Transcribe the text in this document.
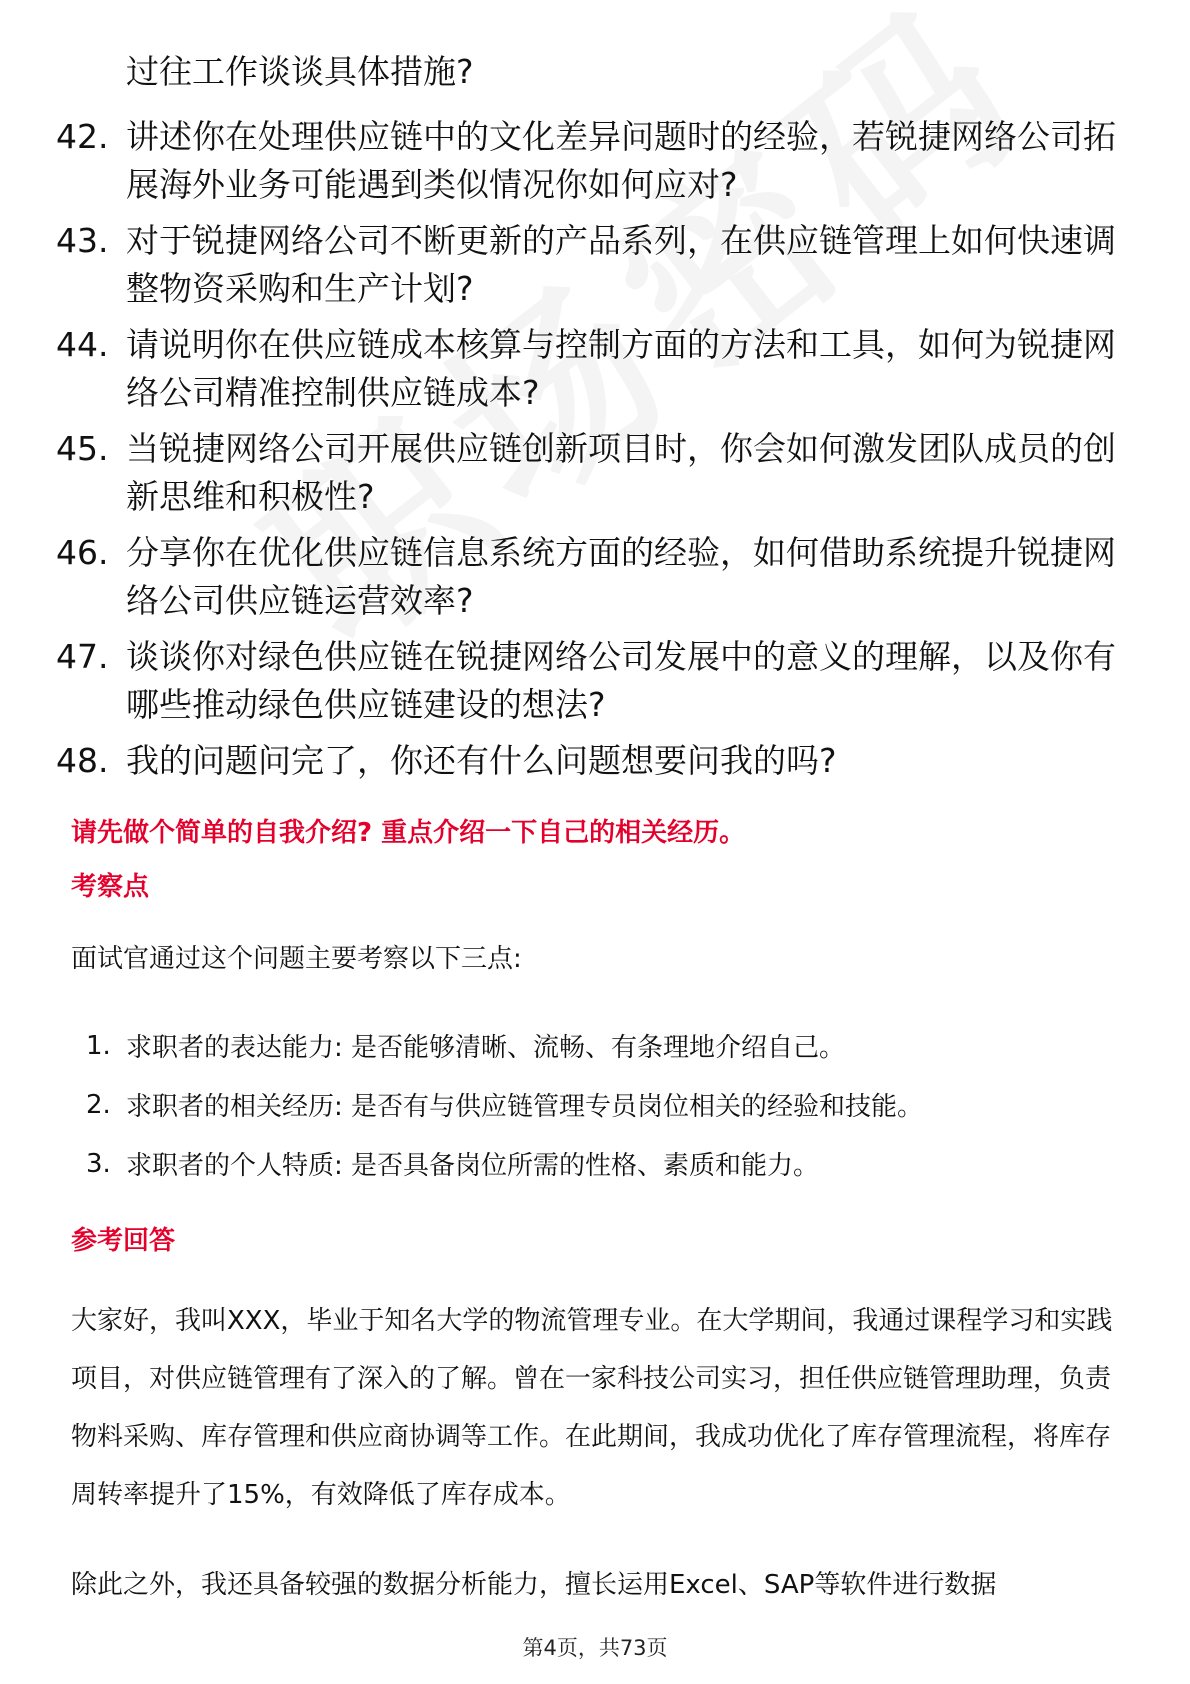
过往工作谈谈具体措施?
42. 讲述你在处理供应链中的文化差异问题时的经验，若锐捷网络公司拓展海外业务可能遇到类似情况你如何应对?
43. 对于锐捷网络公司不断更新的产品系列，在供应链管理上如何快速调整物资采购和生产计划?
44. 请说明你在供应链成本核算与控制方面的方法和工具，如何为锐捷网络公司精准控制供应链成本?
45. 当锐捷网络公司开展供应链创新项目时，你会如何激发团队成员的创新思维和积极性?
46. 分享你在优化供应链信息系统方面的经验，如何借助系统提升锐捷网络公司供应链运营效率?
47. 谈谈你对绿色供应链在锐捷网络公司发展中的意义的理解，以及你有哪些推动绿色供应链建设的想法?
48. 我的问题问完了，你还有什么问题想要问我的吗?
请先做个简单的自我介绍? 重点介绍一下自己的相关经历。
考察点
面试官通过这个问题主要考察以下三点:
1. 求职者的表达能力: 是否能够清晰、流畅、有条理地介绍自己。
2. 求职者的相关经历: 是否有与供应链管理专员岗位相关的经验和技能。
3. 求职者的个人特质: 是否具备岗位所需的性格、素质和能力。
参考回答
大家好，我叫XXX，毕业于知名大学的物流管理专业。在大学期间，我通过课程学习和实践项目，对供应链管理有了深入的了解。曾在一家科技公司实习，担任供应链管理助理，负责物料采购、库存管理和供应商协调等工作。在此期间，我成功优化了库存管理流程，将库存周转率提升了15%，有效降低了库存成本。
除此之外，我还具备较强的数据分析能力，擅长运用Excel、SAP等软件进行数据
第4页，共73页
